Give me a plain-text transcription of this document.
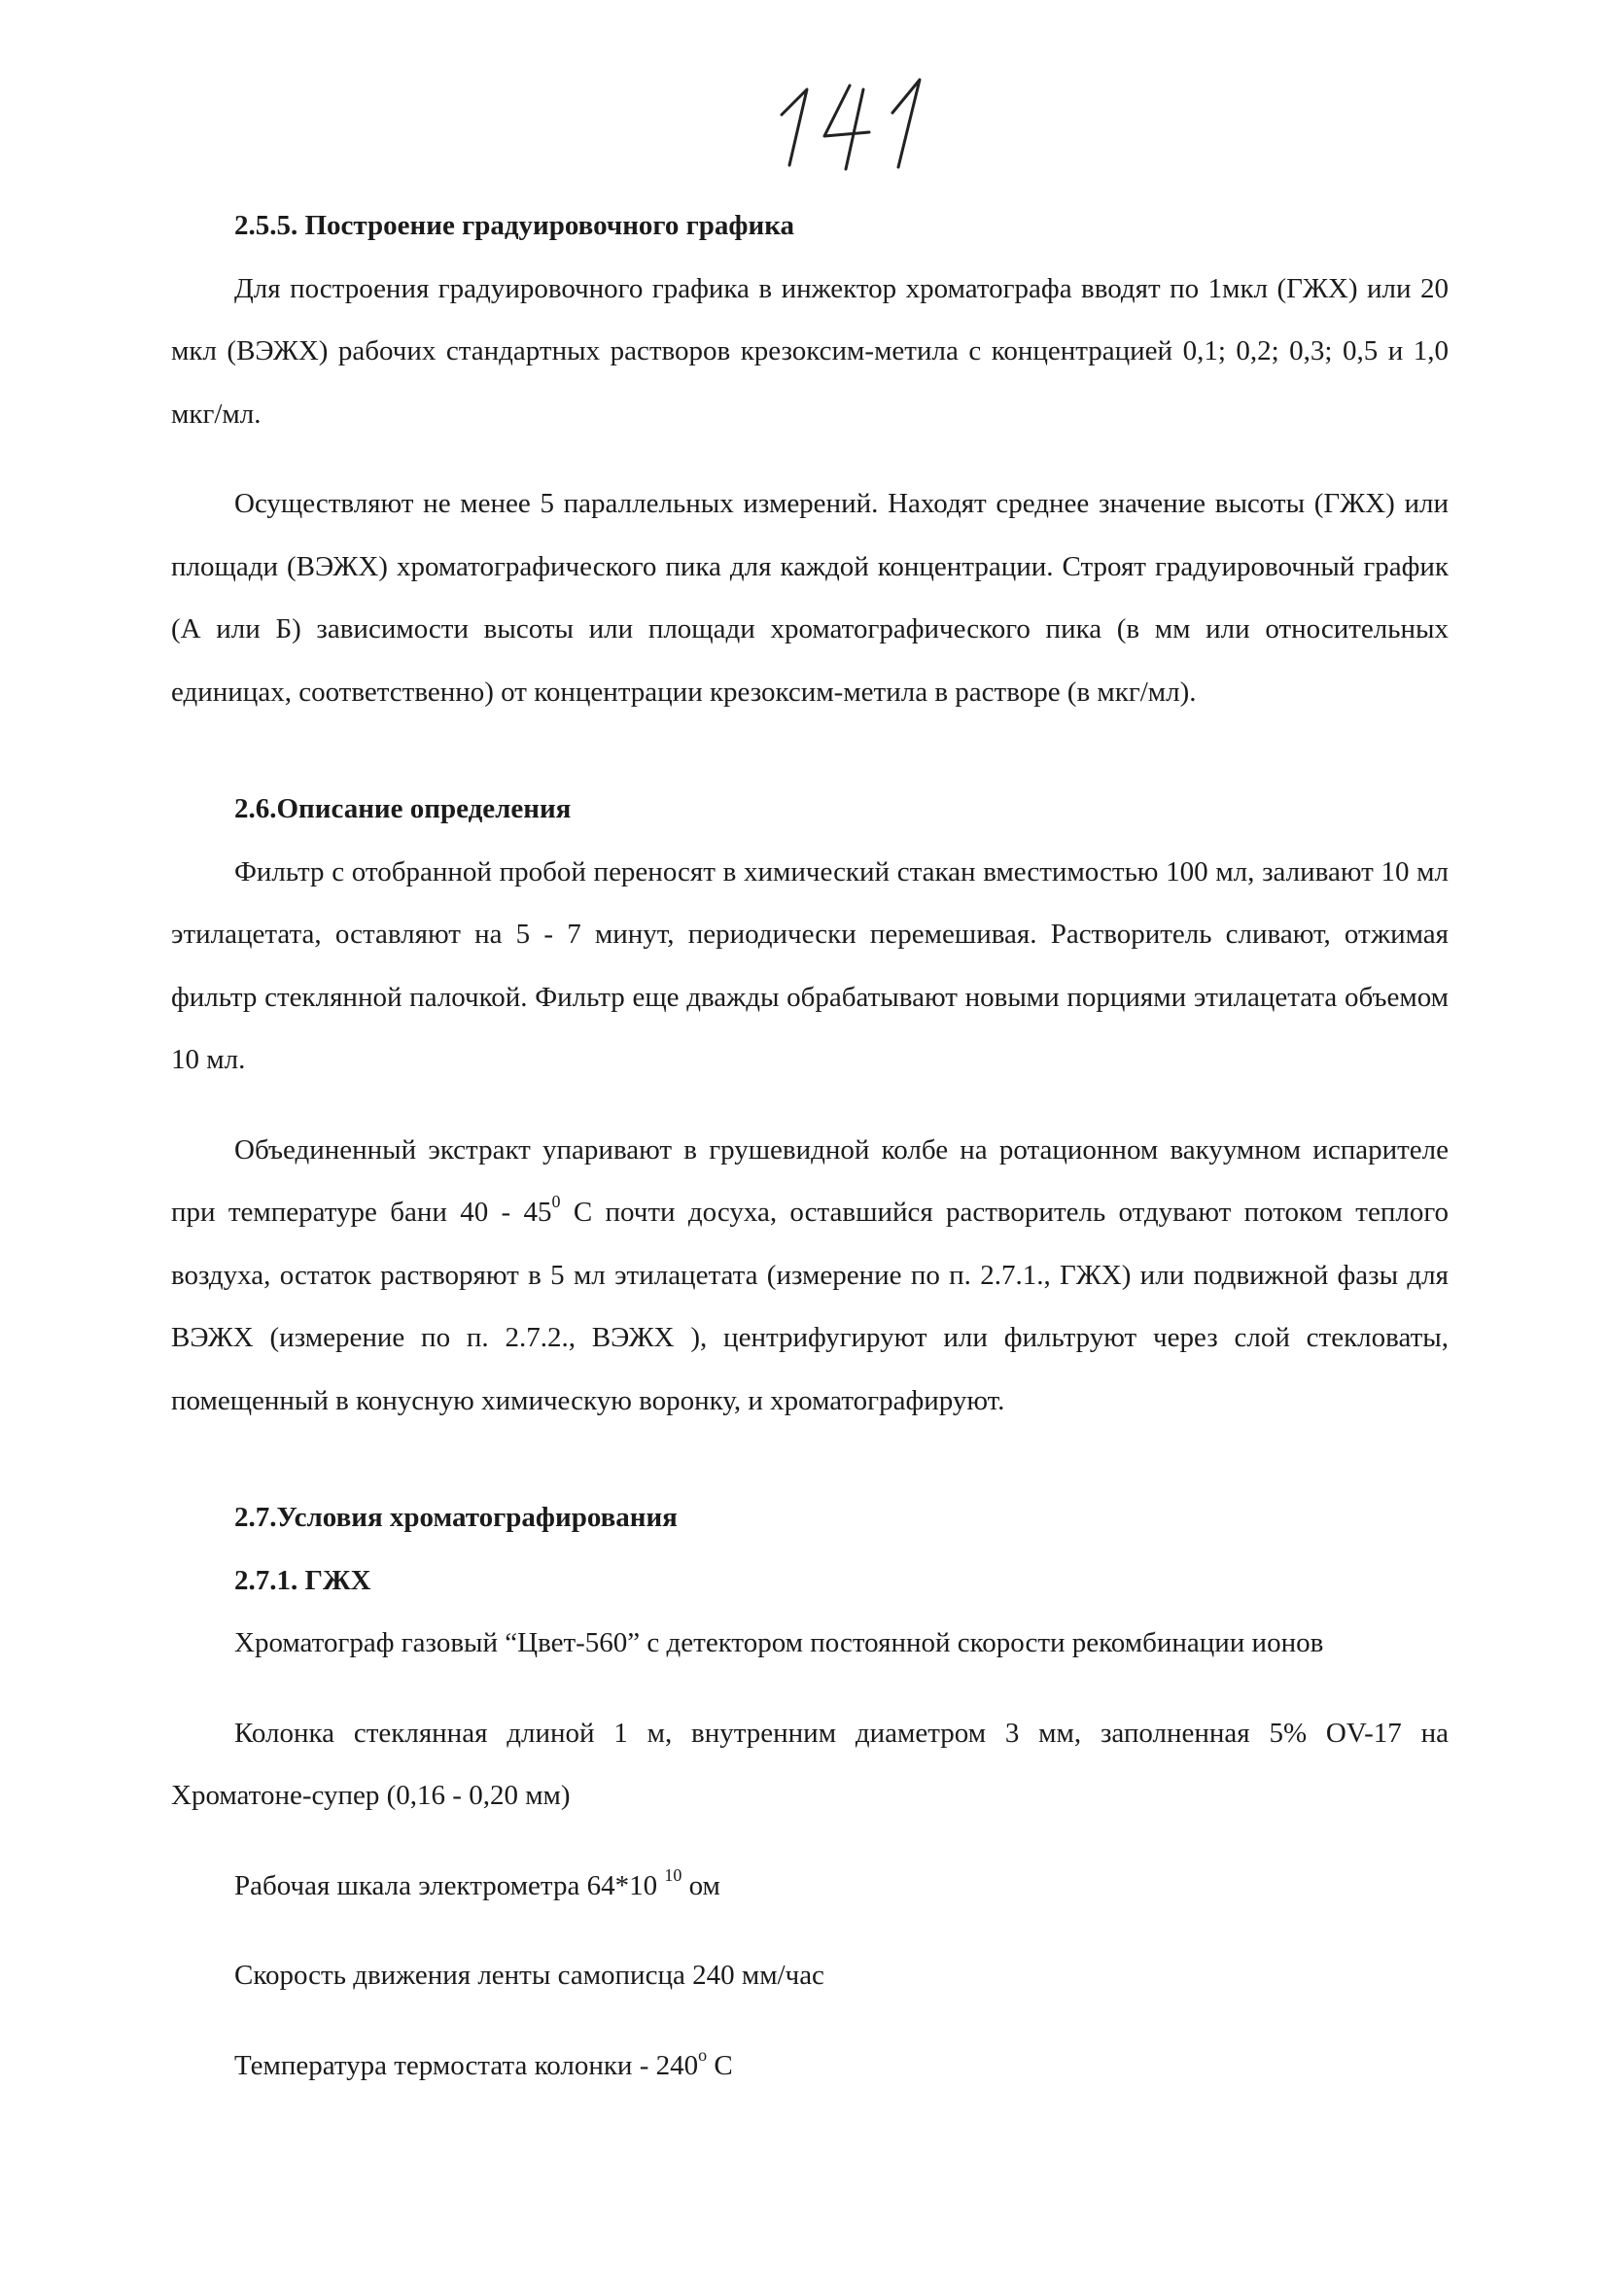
2.5.5. Построение градуировочного графика

Для построения градуировочного графика в инжектор хроматографа вводят по 1мкл (ГЖХ) или 20 мкл (ВЭЖХ) рабочих стандартных растворов крезоксим-метила с концентрацией 0,1; 0,2; 0,3; 0,5 и 1,0 мкг/мл.

Осуществляют не менее 5 параллельных измерений. Находят среднее значение высоты (ГЖХ) или площади (ВЭЖХ) хроматографического пика для каждой концентрации. Строят градуировочный график (А или Б) зависимости высоты или площади хроматографического пика (в мм или относительных единицах, соответственно) от концентрации крезоксим-метила в растворе (в мкг/мл).

2.6.Описание определения

Фильтр с отобранной пробой переносят в химический стакан вместимостью 100 мл, заливают 10 мл этилацетата, оставляют на 5 - 7 минут, периодически перемешивая. Растворитель сливают, отжимая фильтр стеклянной палочкой. Фильтр еще дважды обрабатывают новыми порциями этилацетата объемом 10 мл.

Объединенный экстракт упаривают в грушевидной колбе на ротационном вакуумном испарителе при температуре бани $40 - 45^0$ С почти досуха, оставшийся растворитель отдувают потоком теплого воздуха, остаток растворяют в 5 мл этилацетата (измерение по п. 2.7.1., ГЖХ) или подвижной фазы для ВЭЖХ (измерение по п. 2.7.2., ВЭЖХ ), центрифугируют или фильтруют через слой стекловаты, помещенный в конусную химическую воронку, и хроматографируют.

2.7.Условия хроматографирования
2.7.1. ГЖХ

Хроматограф газовый “Цвет-560” с детектором постоянной скорости рекомбинации ионов

Колонка стеклянная длиной 1 м, внутренним диаметром 3 мм, заполненная 5% OV-17 на Хроматоне-супер (0,16 - 0,20 мм)

Рабочая шкала электрометра 64*10 $^{10}$ ом

Скорость движения ленты самописца 240 мм/час

Температура термостата колонки - 240$^o$ С
